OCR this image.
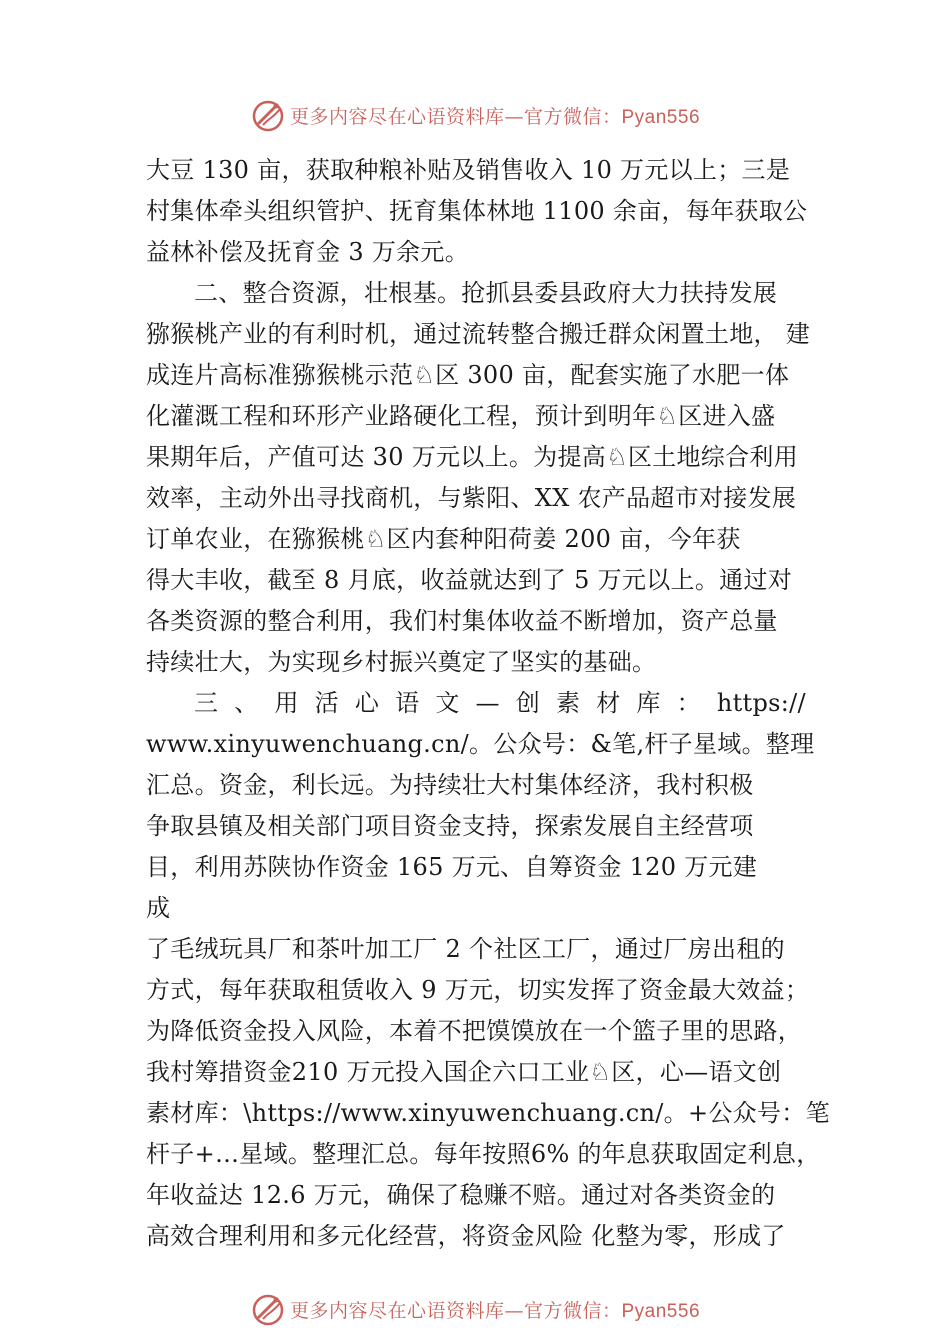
更多内容尽在心语资料库—官方微信：Pyan556
大豆 130 亩，获取种粮补贴及销售收入 10 万元以上；三是
村集体牵头组织管护、抚育集体林地 1100 余亩，每年获取公
益林补偿及抚育金 3 万余元。
二、整合资源，壮根基。抢抓县委县政府大力扶持发展
猕猴桃产业的有利时机，通过流转整合搬迁群众闲置土地， 建
成连片高标准猕猴桃示范♘区 300 亩，配套实施了水肥一体
化灌溉工程和环形产业路硬化工程，预计到明年♘区进入盛
果期年后，产值可达 30 万元以上。为提高♘区土地综合利用
效率，主动外出寻找商机，与紫阳、XX 农产品超市对接发展
订单农业，在猕猴桃♘区内套种阳荷姜 200 亩，今年获
得大丰收，截至 8 月底，收益就达到了 5 万元以上。通过对
各类资源的整合利用，我们村集体收益不断增加，资产总量
持续壮大，为实现乡村振兴奠定了坚实的基础。
三 、 用 活 心 语 文 — 创 素 材 库 ： https://
www.xinyuwenchuang.cn/。公众号：&笔,杆子星域。整理
汇总。资金，利长远。为持续壮大村集体经济，我村积极
争取县镇及相关部门项目资金支持，探索发展自主经营项
目，利用苏陕协作资金 165 万元、自筹资金 120 万元建
成
了毛绒玩具厂和茶叶加工厂 2 个社区工厂，通过厂房出租的
方式，每年获取租赁收入 9 万元，切实发挥了资金最大效益；
为降低资金投入风险，本着不把馍馍放在一个篮子里的思路，
我村筹措资金210 万元投入国企六口工业♘区，心—语文创
素材库：\https://www.xinyuwenchuang.cn/。+公众号：笔
杆子+…星域。整理汇总。每年按照6% 的年息获取固定利息，
年收益达 12.6 万元，确保了稳赚不赔。通过对各类资金的
高效合理利用和多元化经营，将资金风险 化整为零，形成了
更多内容尽在心语资料库—官方微信：Pyan556
